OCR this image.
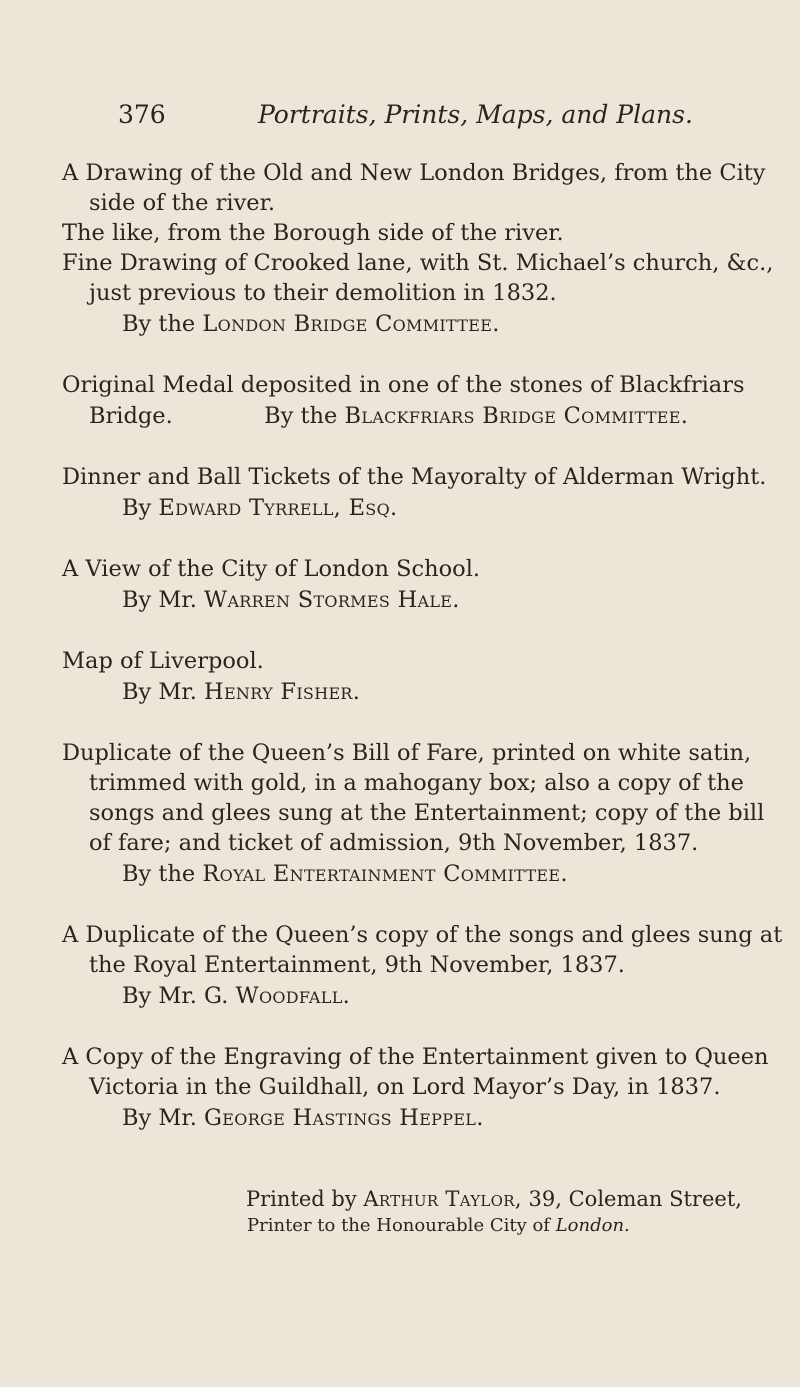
376	Portraits, Prints, Maps, and Plans.
A Drawing of the Old and New London Bridges, from the City
side of the river.
The like, from the Borough side of the river.
Fine Drawing of Crooked lane, with St. Michael’s church, &c.,
just previous to their demolition in 1832.
By the London Bridge Committee.
Original Medal deposited in one of the stones of Blackfriars
Bridge.	By the Blackfriars Bridge Committee.
Dinner and Ball Tickets of the Mayoralty of Alderman Wright.
By Edward Tyrrell, Esq.
A View of the City of London School.
By Mr. Warren Stormes Hale.
Map of Liverpool.
By Mr. Henry Fisher.
Duplicate of the Queen’s Bill of Fare, printed on white satin,
trimmed with gold, in a mahogany box; also a copy of the
songs and glees sung at the Entertainment; copy of the bill
of fare; and ticket of admission, 9th November, 1837.
By the Royal Entertainment Committee.
A Duplicate of the Queen’s copy of the songs and glees sung at
the Royal Entertainment, 9th November, 1837.
By Mr. G. Woodfall.
A Copy of the Engraving of the Entertainment given to Queen
Victoria in the Guildhall, on Lord Mayor’s Day, in 1837.
By Mr. George Hastings Heppel.
Printed by Arthur Taylor, 39, Coleman Street,
Printer to the Honourable City of London.
